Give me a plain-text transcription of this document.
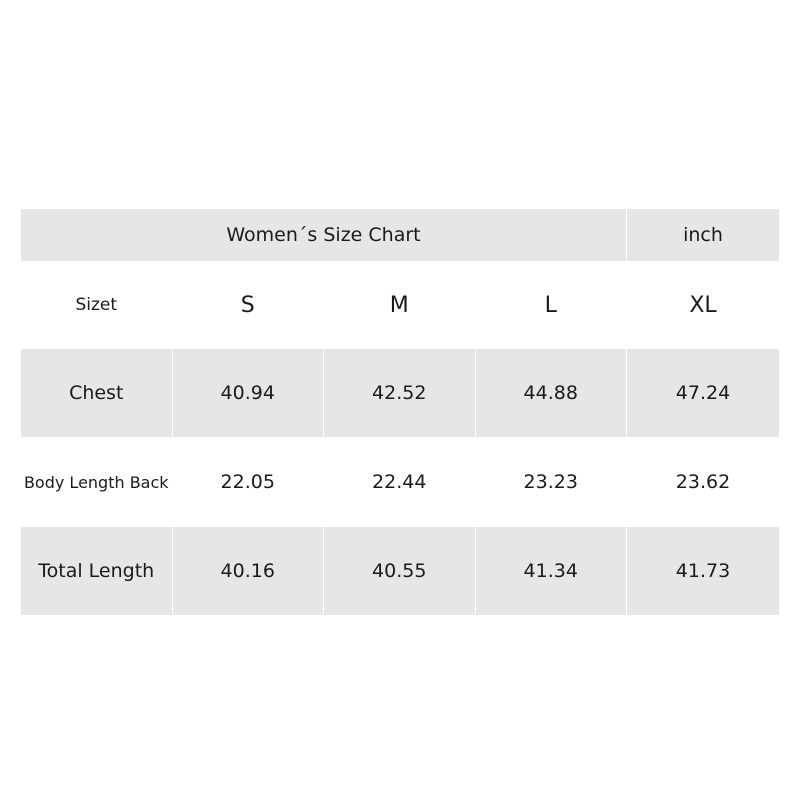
Women´s Size Chart				inch
Sizet	S	M	L	XL
Chest	40.94	42.52	44.88	47.24
Body Length Back	22.05	22.44	23.23	23.62
Total Length	40.16	40.55	41.34	41.73
